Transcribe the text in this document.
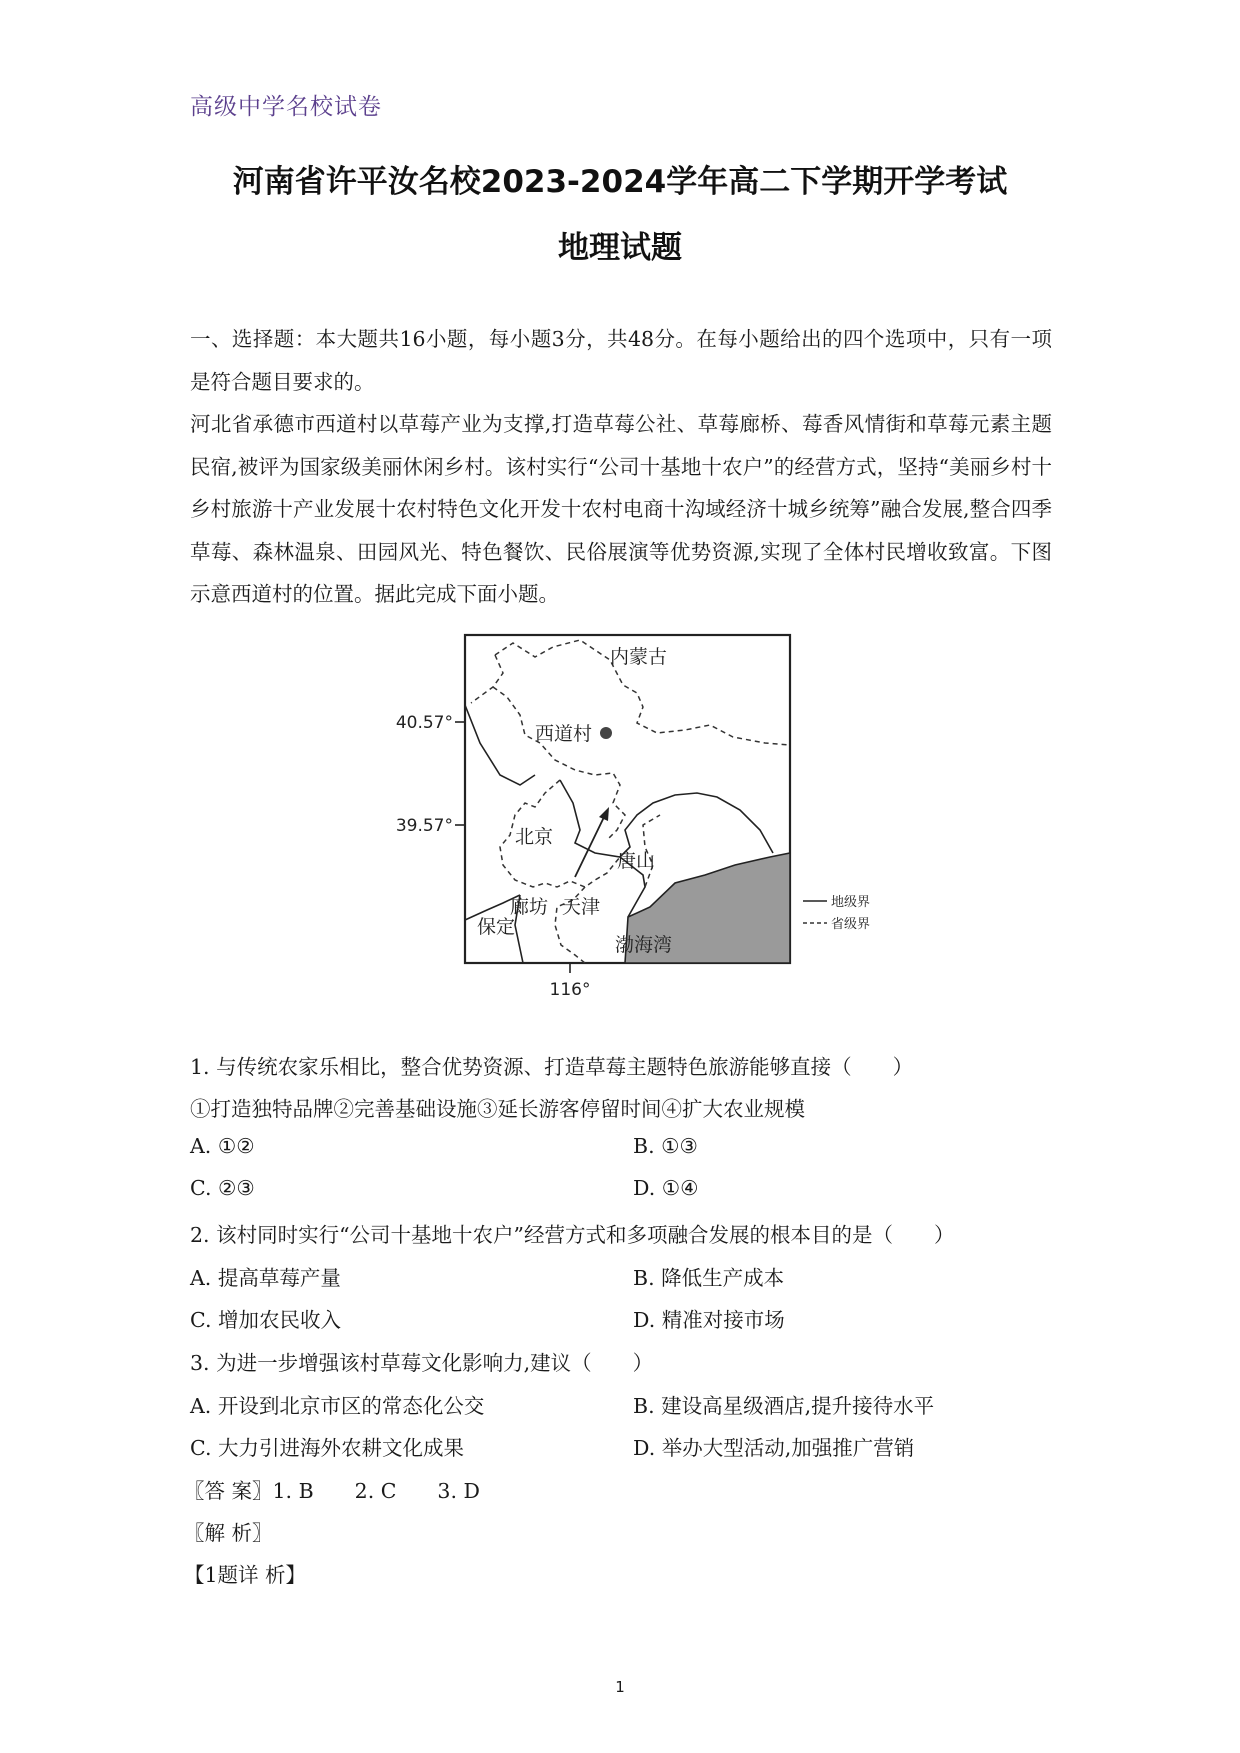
高级中学名校试卷
河南省许平汝名校2023-2024学年高二下学期开学考试
地理试题

一、选择题：本大题共16小题，每小题3分，共48分。在每小题给出的四个选项中，只有一项是符合题目要求的。

河北省承德市西道村以草莓产业为支撑,打造草莓公社、草莓廊桥、莓香风情街和草莓元素主题民宿,被评为国家级美丽休闲乡村。该村实行“公司十基地十农户”的经营方式，坚持“美丽乡村十乡村旅游十产业发展十农村特色文化开发十农村电商十沟域经济十城乡统筹”融合发展,整合四季草莓、森林温泉、田园风光、特色餐饮、民俗展演等优势资源,实现了全体村民增收致富。下图示意西道村的位置。据此完成下面小题。

40.57°
39.57°
116°
内蒙古
西道村
北京
唐山
廊坊 天津
保定
渤海湾
地级界
省级界
1. 与传统农家乐相比，整合优势资源、打造草莓主题特色旅游能够直接（　　）
①打造独特品牌②完善基础设施③延长游客停留时间④扩大农业规模
A. ①②	B. ①③
C. ②③	D. ①④
2. 该村同时实行“公司十基地十农户”经营方式和多项融合发展的根本目的是（　　）
A. 提高草莓产量	B. 降低生产成本
C. 增加农民收入	D. 精准对接市场
3. 为进一步增强该村草莓文化影响力,建议（　　）
A. 开设到北京市区的常态化公交	B. 建设高星级酒店,提升接待水平
C. 大力引进海外农耕文化成果	D. 举办大型活动,加强推广营销
〖答 案〗1. B　　2. C　　3. D
〖解 析〗
【1题详 析】
1
